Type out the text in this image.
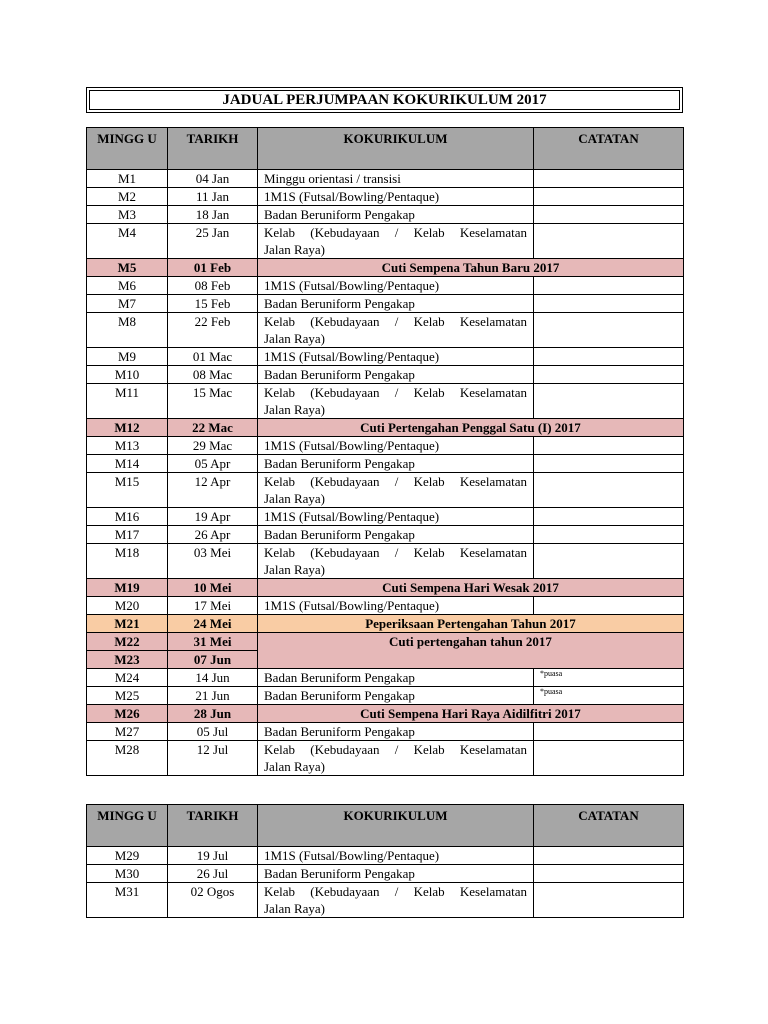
JADUAL PERJUMPAAN KOKURIKULUM 2017
MINGG U	TARIKH	KOKURIKULUM	CATATAN
M1	04 Jan	Minggu orientasi / transisi	
M2	11 Jan	1M1S (Futsal/Bowling/Pentaque)	
M3	18 Jan	Badan Beruniform Pengakap	
M4	25 Jan	Kelab (Kebudayaan / Kelab Keselamatan
Jalan Raya)	

M5	01 Feb	Cuti Sempena Tahun Baru 2017	
M6	08 Feb	1M1S (Futsal/Bowling/Pentaque)	
M7	15 Feb	Badan Beruniform Pengakap	
M8	22 Feb	Kelab (Kebudayaan / Kelab Keselamatan
Jalan Raya)	

M9	01 Mac	1M1S (Futsal/Bowling/Pentaque)	
M10	08 Mac	Badan Beruniform Pengakap	
M11	15 Mac	Kelab (Kebudayaan / Kelab Keselamatan
Jalan Raya)	

M12	22 Mac	Cuti Pertengahan Penggal Satu (I) 2017	
M13	29 Mac	1M1S (Futsal/Bowling/Pentaque)	
M14	05 Apr	Badan Beruniform Pengakap	
M15	12 Apr	Kelab (Kebudayaan / Kelab Keselamatan
Jalan Raya)	

M16	19 Apr	1M1S (Futsal/Bowling/Pentaque)	
M17	26 Apr	Badan Beruniform Pengakap	
M18	03 Mei	Kelab (Kebudayaan / Kelab Keselamatan
Jalan Raya)	

M19	10 Mei	Cuti Sempena Hari Wesak 2017	
M20	17 Mei	1M1S (Futsal/Bowling/Pentaque)	
M21	24 Mei	Peperiksaan Pertengahan Tahun 2017	
M22	31 Mei	Cuti pertengahan tahun 2017	
M23	07 Jun		
M24	14 Jun	Badan Beruniform Pengakap	$^{*puasa}$
M25	21 Jun	Badan Beruniform Pengakap	$^{*puasa}$
M26	28 Jun	Cuti Sempena Hari Raya Aidilfitri 2017	
M27	05 Jul	Badan Beruniform Pengakap	
M28	12 Jul	Kelab (Kebudayaan / Kelab Keselamatan
Jalan Raya)	

MINGG U	TARIKH	KOKURIKULUM	CATATAN
M29	19 Jul	1M1S (Futsal/Bowling/Pentaque)	
M30	26 Jul	Badan Beruniform Pengakap	
M31	02 Ogos	Kelab (Kebudayaan / Kelab Keselamatan
Jalan Raya)	
